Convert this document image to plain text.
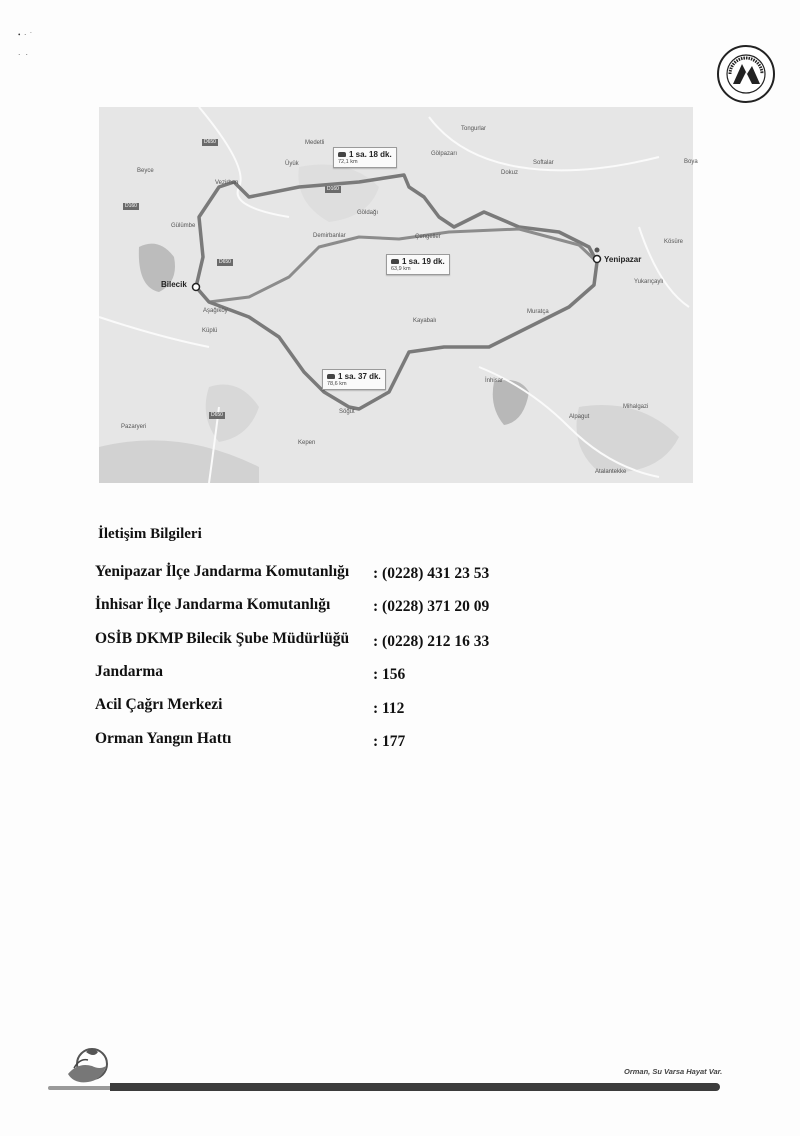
•  ·  ˙
·   ·
Tongurlar
Medetli
Gölpazarı
Üyük	Softalar	Boya
Beyce	Dokuz
Vezirhan
Göldağı
Gülümbe
Demirbanlar	Çengeller
Kösüre
Yukarıçaylı
Aşağıköy
Kayabalı
Muratça
Küplü
İnhisar
Mihalgazi
Pazaryeri
Söğüt
Alpagut
Kepen
Atalantekke
D650
D160
D160
D650
D650
Bilecik
Yenipazar
1 sa. 18 dk.
72,1 km
1 sa. 19 dk.
63,9 km
1 sa. 37 dk.
78,6 km
İletişim Bilgileri
Yenipazar İlçe Jandarma Komutanlığı : (0228) 431 23 53
İnhisar İlçe Jandarma Komutanlığı	: (0228) 371 20 09
OSİB DKMP Bilecik Şube Müdürlüğü : (0228) 212 16 33
Jandarma	: 156
Acil Çağrı Merkezi	: 112
Orman Yangın Hattı	: 177
Orman, Su Varsa Hayat Var.
